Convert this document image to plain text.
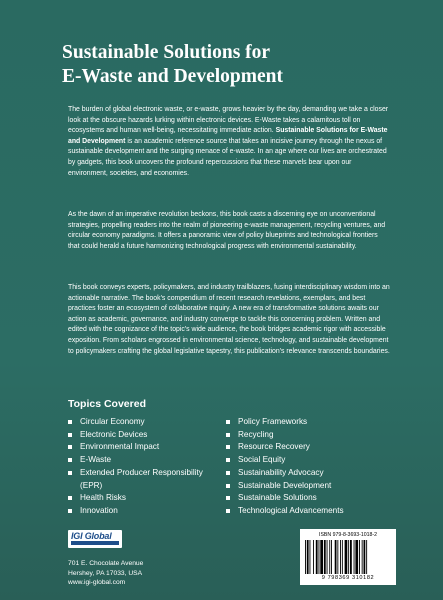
Sustainable Solutions for
E-Waste and Development

The burden of global electronic waste, or e-waste, grows heavier by the day, demanding we take a closer look at the obscure hazards lurking within electronic devices. E-Waste takes a calamitous toll on ecosystems and human well-being, necessitating immediate action. Sustainable Solutions for E-Waste and Development is an academic reference source that takes an incisive journey through the nexus of sustainable development and the surging menace of e-waste. In an age where our lives are orchestrated by gadgets, this book uncovers the profound repercussions that these marvels bear upon our environment, societies, and economies.

As the dawn of an imperative revolution beckons, this book casts a discerning eye on unconventional strategies, propelling readers into the realm of pioneering e-waste management, recycling ventures, and circular economy paradigms. It offers a panoramic view of policy blueprints and technological frontiers that could herald a future harmonizing technological progress with environmental sustainability.

This book conveys experts, policymakers, and industry trailblazers, fusing interdisciplinary wisdom into an actionable narrative. The book's compendium of recent research revelations, exemplars, and best practices foster an ecosystem of collaborative inquiry. A new era of transformative solutions awaits our action as academic, governance, and industry converge to tackle this concerning problem. Written and edited with the cognizance of the topic's wide audience, the book bridges academic rigor with accessible exposition. From scholars engrossed in environmental science, technology, and sustainable development to policymakers crafting the global legislative tapestry, this publication's relevance transcends boundaries.

Topics Covered
Circular Economy
Electronic Devices
Environmental Impact
E-Waste
Extended Producer Responsibility (EPR)
Health Risks
Innovation
Policy Frameworks
Recycling
Resource Recovery
Social Equity
Sustainability Advocacy
Sustainable Development
Sustainable Solutions
Technological Advancements
IGI Global
701 E. Chocolate Avenue
Hershey, PA 17033, USA
www.igi-global.com
ISBN 979-8-3693-1018-2
9 798369 310182
